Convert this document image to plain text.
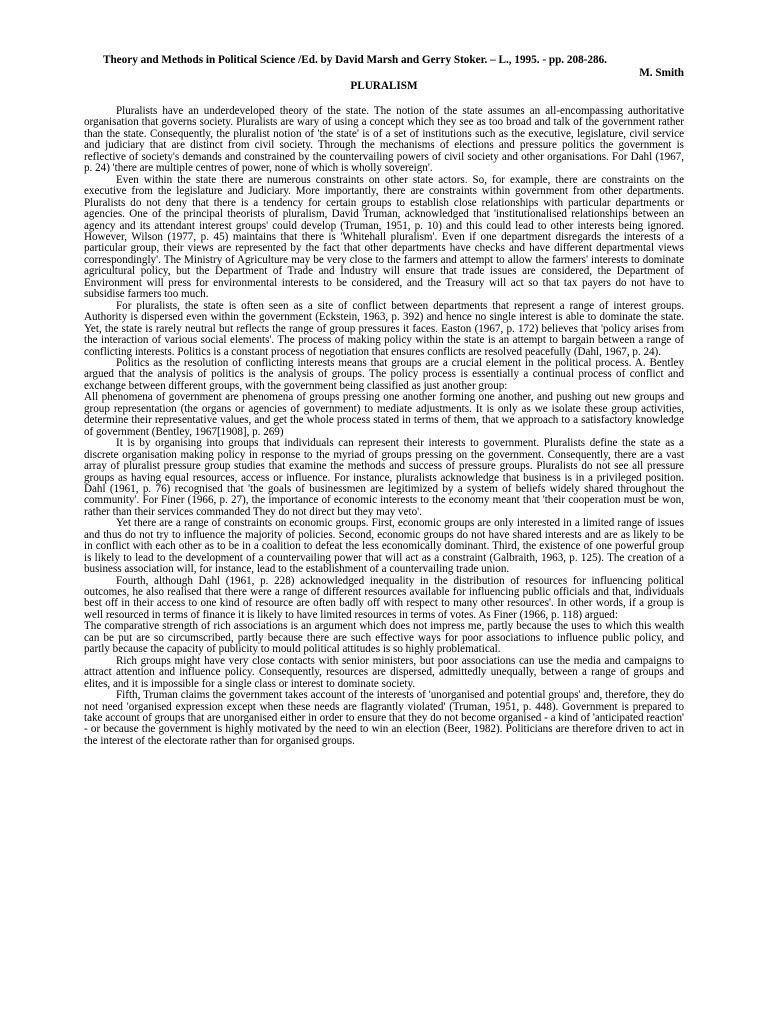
Theory and Methods in Political Science /Ed. by David Marsh and Gerry Stoker. – L., 1995. - pp. 208-286.
M. Smith
PLURALISM

Pluralists have an underdeveloped theory of the state. The notion of the state assumes an all-encompassing authoritative organisation that governs society. Pluralists are wary of using a concept which they see as too broad and talk of the government rather than the state. Consequently, the pluralist notion of 'the state' is of a set of institutions such as the executive, legislature, civil service and judiciary that are distinct from civil society. Through the mechanisms of elections and pressure politics the government is reflective of society's demands and constrained by the countervailing powers of civil society and other organisations. For Dahl (1967, p. 24) 'there are multiple centres of power, none of which is wholly sovereign'.

Even within the state there are numerous constraints on other state actors. So, for example, there are constraints on the executive from the legislature and Judiciary. More importantly, there are constraints within government from other departments. Pluralists do not deny that there is a tendency for certain groups to establish close relationships with particular departments or agencies. One of the principal theorists of pluralism, David Truman, acknowledged that 'institutionalised relationships between an agency and its attendant interest groups' could develop (Truman, 1951, p. 10) and this could lead to other interests being ignored. However, Wilson (1977, p. 45) maintains that there is 'Whitehall pluralism'. Even if one department disregards the interests of a particular group, their views are represented by the fact that other departments have checks and have different departmental views correspondingly'. The Ministry of Agriculture may be very close to the farmers and attempt to allow the farmers' interests to dominate agricultural policy, but the Department of Trade and Industry will ensure that trade issues are considered, the Department of Environment will press for environmental interests to be considered, and the Treasury will act so that tax payers do not have to subsidise farmers too much.

For pluralists, the state is often seen as a site of conflict between departments that represent a range of interest groups. Authority is dispersed even within the government (Eckstein, 1963, p. 392) and hence no single interest is able to dominate the state. Yet, the state is rarely neutral but reflects the range of group pressures it faces. Easton (1967, p. 172) believes that 'policy arises from the interaction of various social elements'. The process of making policy within the state is an attempt to bargain between a range of conflicting interests. Politics is a constant process of negotiation that ensures conflicts are resolved peacefully (Dahl, 1967, p. 24).

Politics as the resolution of conflicting interests means that groups are a crucial element in the political process. A. Bentley argued that the analysis of politics is the analysis of groups. The policy process is essentially a continual process of conflict and exchange between different groups, with the government being classified as just another group:

All phenomena of government are phenomena of groups pressing one another forming one another, and pushing out new groups and group representation (the organs or agencies of government) to mediate adjustments. It is only as we isolate these group activities, determine their representative values, and get the whole process stated in terms of them, that we approach to a satisfactory knowledge of government (Bentley, 1967[1908], p. 269)

It is by organising into groups that individuals can represent their interests to government. Pluralists define the state as a discrete organisation making policy in response to the myriad of groups pressing on the government. Consequently, there are a vast array of pluralist pressure group studies that examine the methods and success of pressure groups. Pluralists do not see all pressure groups as having equal resources, access or influence. For instance, pluralists acknowledge that business is in a privileged position. Dahl (1961, p. 76) recognised that 'the goals of businessmen are legitimized by a system of beliefs widely shared throughout the community'. For Finer (1966, p. 27), the importance of economic interests to the economy meant that 'their cooperation must be won, rather than their services commanded They do not direct but they may veto'.

Yet there are a range of constraints on economic groups. First, economic groups are only interested in a limited range of issues and thus do not try to influence the majority of policies. Second, economic groups do not have shared interests and are as likely to be in conflict with each other as to be in a coalition to defeat the less economically dominant. Third, the existence of one powerful group is likely to lead to the development of a countervailing power that will act as a constraint (Galbraith, 1963, p. 125). The creation of a business association will, for instance, lead to the establishment of a countervailing trade union.

Fourth, although Dahl (1961, p. 228) acknowledged inequality in the distribution of resources for influencing political outcomes, he also realised that there were a range of different resources available for influencing public officials and that, individuals best off in their access to one kind of resource are often badly off with respect to many other resources'. In other words, if a group is well resourced in terms of finance it is likely to have limited resources in terms of votes. As Finer (1966, p. 118) argued:

The comparative strength of rich associations is an argument which does not impress me, partly because the uses to which this wealth can be put are so circumscribed, partly because there are such effective ways for poor associations to influence public policy, and partly because the capacity of publicity to mould political attitudes is so highly problematical.

Rich groups might have very close contacts with senior ministers, but poor associations can use the media and campaigns to attract attention and influence policy. Consequently, resources are dispersed, admittedly unequally, between a range of groups and elites, and it is impossible for a single class or interest to dominate society.

Fifth, Truman claims the government takes account of the interests of 'unorganised and potential groups' and, therefore, they do not need 'organised expression except when these needs are flagrantly violated' (Truman, 1951, p. 448). Government is prepared to take account of groups that are unorganised either in order to ensure that they do not become organised - a kind of 'anticipated reaction' - or because the government is highly motivated by the need to win an election (Beer, 1982). Politicians are therefore driven to act in the interest of the electorate rather than for organised groups.
